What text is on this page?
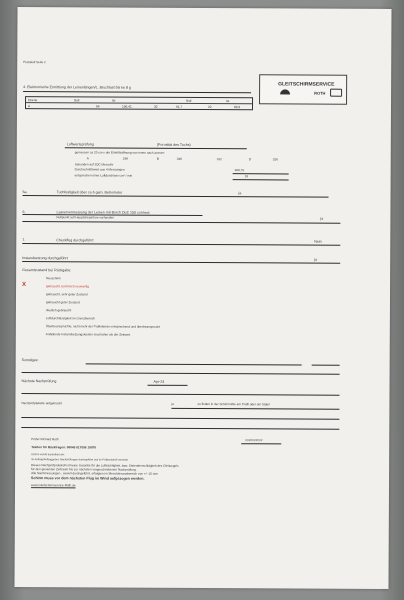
Protokoll Seite 2
4. Elektronische Ermittlung der Leinenlängen/L. Bruchlast bis ke 8 g
Ebene	Soll	Ist	Soll	Ist
A	64	196,41	32	91,7	22	89,9
GLEITSCHIRMSERVICE
ROTH
Luftwerteprüfung	(Porosität des Tuchs)
gemessen ca 20 cm v der Eintrittsöffnung von innen nach aussen
A	249	B	348	312	D	326
Sekunden auf JDC Messuhr
Durchschnittswert aus 4 Messungen	308,75
entsprechen einer Luftdurchlass cm² / min	18
5a.	Tuchfestigkeit über ca 6 gem. Betrometer	ja
6.	Lasververmessung der Leinen mit Borch DLE 150 connect
Nullpunkt auf Hauptstreparture vorhanden	ja
7.	Checkflug durchgeführt	Nein
Instandsetzung durchgeführt	ja
Gesamtzustand bei Rückgabe:
X
Neuschirm
gebraucht, technisch neuwertig
gebraucht, sehr guter Zustand
gebraucht guter Zustand
deutlich gebraucht
Luftdurchlässigkeit im Grenzbereich
Überbeanspruchte, nicht mehr der Prüfkriterien entsprechend und überbeansprucht
Anfallende Instandsetzungskosten sind höher als der Zeitwert
Sonstiges:
Nächste Nachprüfung	Apr-24
Nachprüfplakette aufgebracht	ja	zu finden in der Schirmmitte am Profil oder am Stabil
Prüfer Richard Roth	##########
Telefon für Rückfragen: 00049 017096 19975
Schirm wurde kontrolliert am:
Im Auftrag/Auftraggeber: Nachprüfungen durchgeführt und im Prüfprotokoll vermerkt
Dieses Nachprüfprotokoll ist keine Garantie für die Lufttüchtigkeit, bzw. Steiendenschlägkeit des Gleitsegels
für den gesamten Zeitraum bis zur nächsten vorgeschriebenen Nachprüfung.
Alle Nachmessungen , soweit durchgeführt, erfolgten im Messtoleranzbereich von +/- 15 mm
Schirm muss vor dem nächsten Flug im Wind aufgezogen werden.
www.Gleitschirmservice-Roth.de
